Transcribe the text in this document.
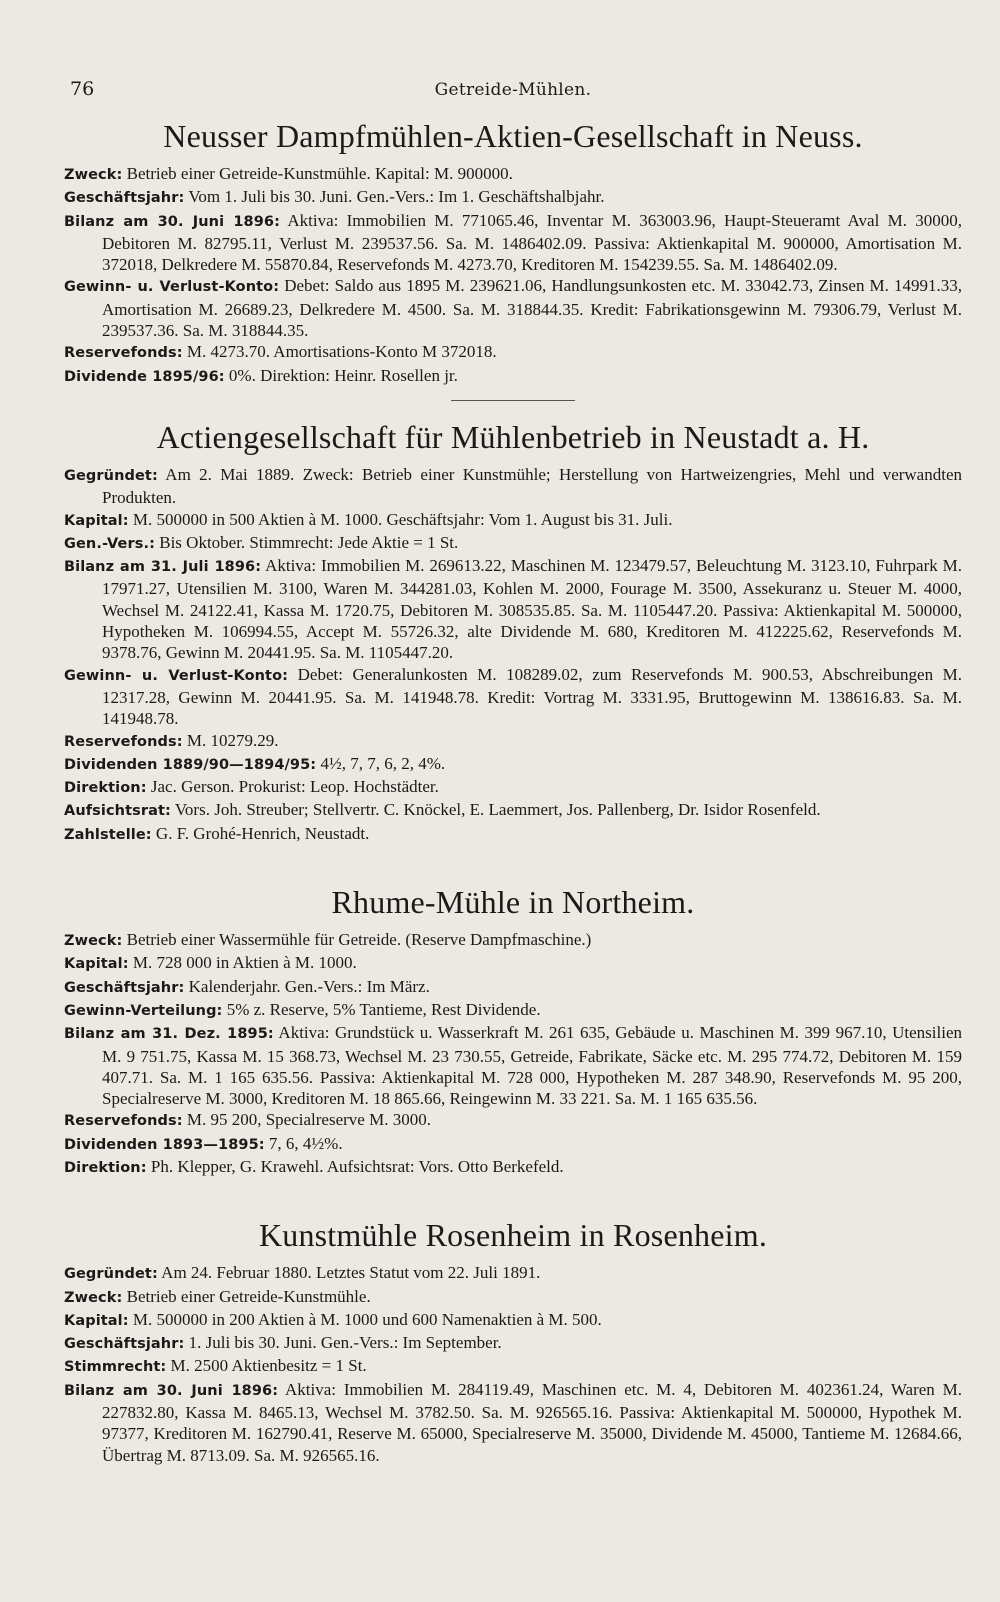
76	Getreide-Mühlen.
Neusser Dampfmühlen-Aktien-Gesellschaft in Neuss.

Zweck: Betrieb einer Getreide-Kunstmühle. Kapital: M. 900000.

Geschäftsjahr: Vom 1. Juli bis 30. Juni. Gen.-Vers.: Im 1. Geschäftshalbjahr.

Bilanz am 30. Juni 1896: Aktiva: Immobilien M. 771065.46, Inventar M. 363003.96, Haupt-Steueramt Aval M. 30000, Debitoren M. 82795.11, Verlust M. 239537.56. Sa. M. 1486402.09. Passiva: Aktienkapital M. 900000, Amortisation M. 372018, Delkredere M. 55870.84, Reservefonds M. 4273.70, Kreditoren M. 154239.55. Sa. M. 1486402.09.

Gewinn- u. Verlust-Konto: Debet: Saldo aus 1895 M. 239621.06, Handlungsunkosten etc. M. 33042.73, Zinsen M. 14991.33, Amortisation M. 26689.23, Delkredere M. 4500. Sa. M. 318844.35. Kredit: Fabrikationsgewinn M. 79306.79, Verlust M. 239537.36. Sa. M. 318844.35.

Reservefonds: M. 4273.70. Amortisations-Konto M 372018.

Dividende 1895/96: 0%. Direktion: Heinr. Rosellen jr.

Actiengesellschaft für Mühlenbetrieb in Neustadt a. H.

Gegründet: Am 2. Mai 1889. Zweck: Betrieb einer Kunstmühle; Herstellung von Hartweizengries, Mehl und verwandten Produkten.

Kapital: M. 500000 in 500 Aktien à M. 1000. Geschäftsjahr: Vom 1. August bis 31. Juli.

Gen.-Vers.: Bis Oktober. Stimmrecht: Jede Aktie = 1 St.

Bilanz am 31. Juli 1896: Aktiva: Immobilien M. 269613.22, Maschinen M. 123479.57, Beleuchtung M. 3123.10, Fuhrpark M. 17971.27, Utensilien M. 3100, Waren M. 344281.03, Kohlen M. 2000, Fourage M. 3500, Assekuranz u. Steuer M. 4000, Wechsel M. 24122.41, Kassa M. 1720.75, Debitoren M. 308535.85. Sa. M. 1105447.20. Passiva: Aktienkapital M. 500000, Hypotheken M. 106994.55, Accept M. 55726.32, alte Dividende M. 680, Kreditoren M. 412225.62, Reservefonds M. 9378.76, Gewinn M. 20441.95. Sa. M. 1105447.20.

Gewinn- u. Verlust-Konto: Debet: Generalunkosten M. 108289.02, zum Reservefonds M. 900.53, Abschreibungen M. 12317.28, Gewinn M. 20441.95. Sa. M. 141948.78. Kredit: Vortrag M. 3331.95, Bruttogewinn M. 138616.83. Sa. M. 141948.78.

Reservefonds: M. 10279.29.

Dividenden 1889/90—1894/95: 4½, 7, 7, 6, 2, 4%.

Direktion: Jac. Gerson. Prokurist: Leop. Hochstädter.

Aufsichtsrat: Vors. Joh. Streuber; Stellvertr. C. Knöckel, E. Laemmert, Jos. Pallenberg, Dr. Isidor Rosenfeld.

Zahlstelle: G. F. Grohé-Henrich, Neustadt.

Rhume-Mühle in Northeim.

Zweck: Betrieb einer Wassermühle für Getreide. (Reserve Dampfmaschine.)

Kapital: M. 728 000 in Aktien à M. 1000.

Geschäftsjahr: Kalenderjahr. Gen.-Vers.: Im März.

Gewinn-Verteilung: 5% z. Reserve, 5% Tantieme, Rest Dividende.

Bilanz am 31. Dez. 1895: Aktiva: Grundstück u. Wasserkraft M. 261 635, Gebäude u. Maschinen M. 399 967.10, Utensilien M. 9 751.75, Kassa M. 15 368.73, Wechsel M. 23 730.55, Getreide, Fabrikate, Säcke etc. M. 295 774.72, Debitoren M. 159 407.71. Sa. M. 1 165 635.56. Passiva: Aktienkapital M. 728 000, Hypotheken M. 287 348.90, Reservefonds M. 95 200, Specialreserve M. 3000, Kreditoren M. 18 865.66, Reingewinn M. 33 221. Sa. M. 1 165 635.56.

Reservefonds: M. 95 200, Specialreserve M. 3000.

Dividenden 1893—1895: 7, 6, 4½%.

Direktion: Ph. Klepper, G. Krawehl. Aufsichtsrat: Vors. Otto Berkefeld.

Kunstmühle Rosenheim in Rosenheim.

Gegründet: Am 24. Februar 1880. Letztes Statut vom 22. Juli 1891.

Zweck: Betrieb einer Getreide-Kunstmühle.

Kapital: M. 500000 in 200 Aktien à M. 1000 und 600 Namenaktien à M. 500.

Geschäftsjahr: 1. Juli bis 30. Juni. Gen.-Vers.: Im September.

Stimmrecht: M. 2500 Aktienbesitz = 1 St.

Bilanz am 30. Juni 1896: Aktiva: Immobilien M. 284119.49, Maschinen etc. M. 4, Debitoren M. 402361.24, Waren M. 227832.80, Kassa M. 8465.13, Wechsel M. 3782.50. Sa. M. 926565.16. Passiva: Aktienkapital M. 500000, Hypothek M. 97377, Kreditoren M. 162790.41, Reserve M. 65000, Specialreserve M. 35000, Dividende M. 45000, Tantieme M. 12684.66, Übertrag M. 8713.09. Sa. M. 926565.16.
